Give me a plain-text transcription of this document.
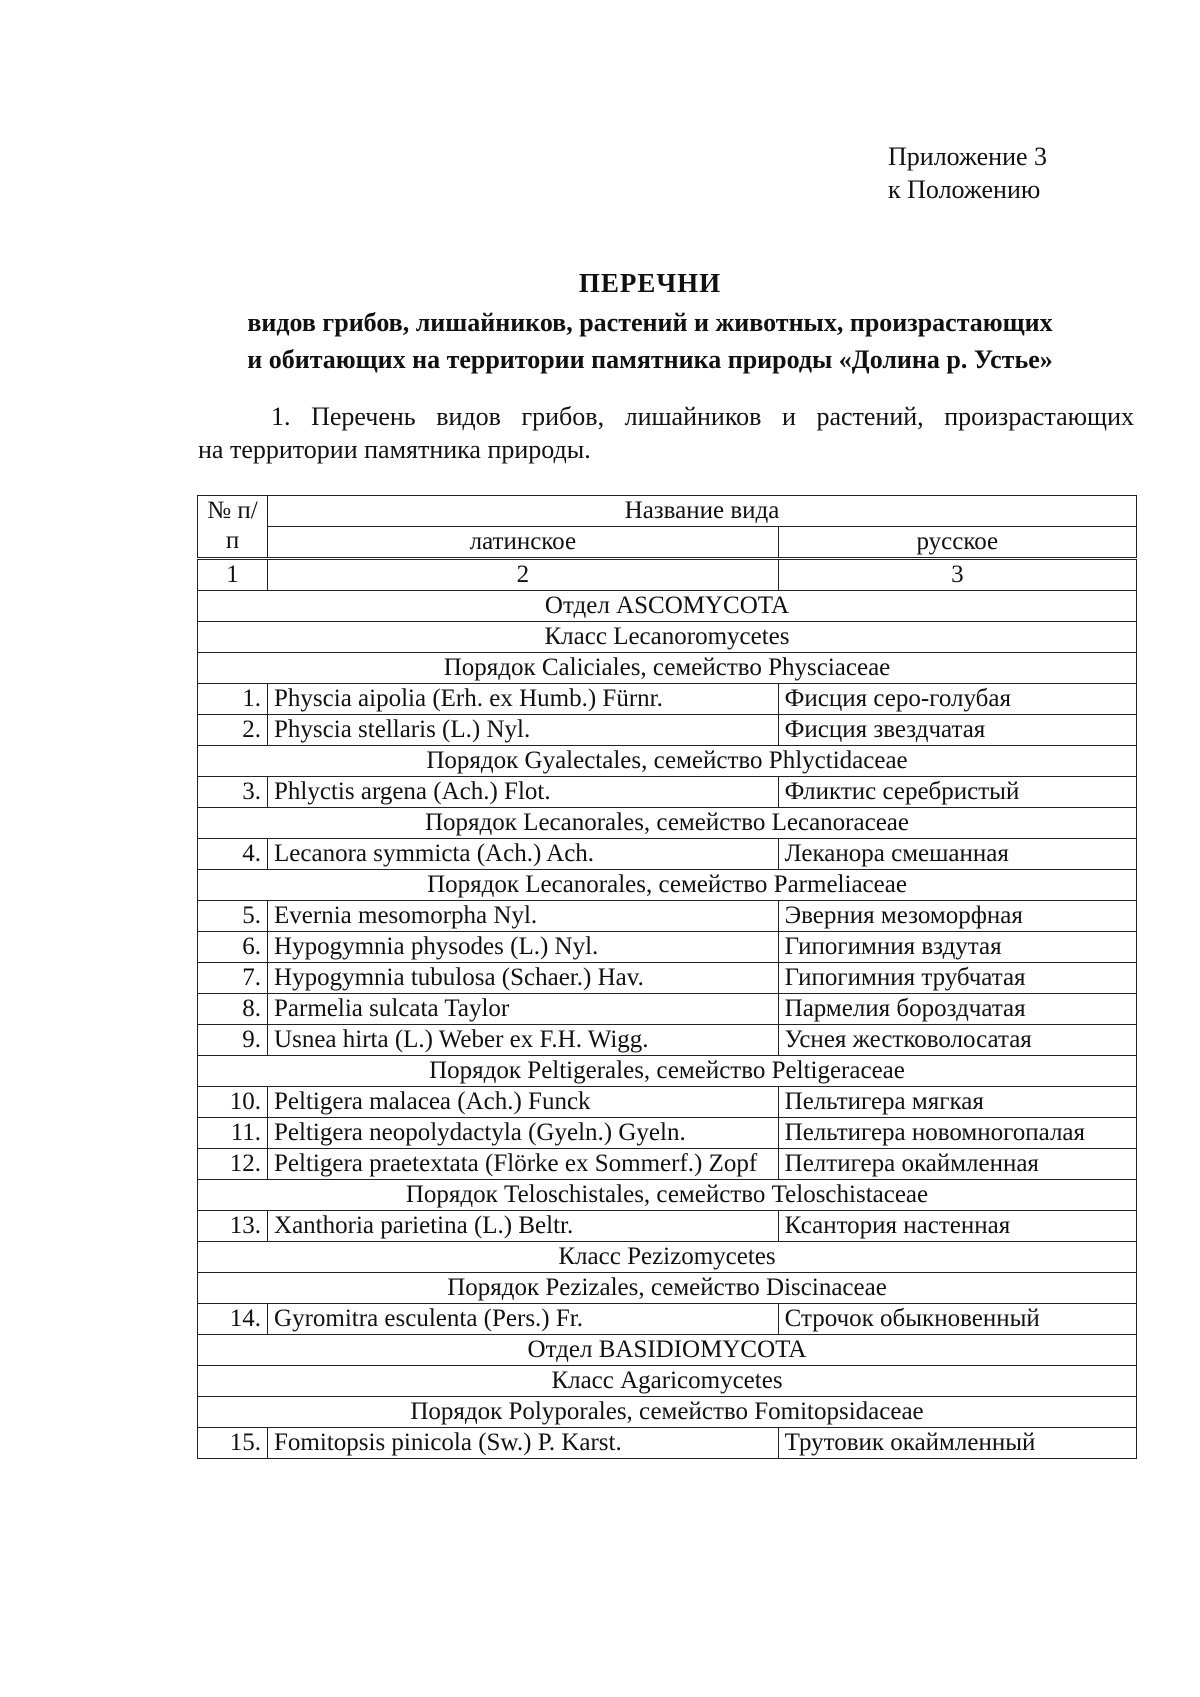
Приложение 3
к Положению
ПЕРЕЧНИ
видов грибов, лишайников, растений и животных, произрастающих
и обитающих на территории памятника природы «Долина р. Устье»
1. Перечень видов грибов, лишайников и растений, произрастающих
на территории памятника природы.
№ п/п	Название вида	
	латинское	русское
1	2	3
Отдел ASCOMYCOTA		
Класс Lecanoromycetes		
Порядок Caliciales, семейство Physciaceae		
1.	Physcia aipolia (Erh. ex Humb.) Fürnr.	Фисция серо-голубая
2.	Physcia stellaris (L.) Nyl.	Фисция звездчатая
Порядок Gyalectales, семейство Phlyctidaceae		
3.	Phlyctis argena (Ach.) Flot.	Фликтис серебристый
Порядок Lecanorales, семейство Lecanoraceae		
4.	Lecanora symmicta (Ach.) Ach.	Леканора смешанная
Порядок Lecanorales, семейство Parmeliaceae		
5.	Evernia mesomorpha Nyl.	Эверния мезоморфная
6.	Hypogymnia physodes (L.) Nyl.	Гипогимния вздутая
7.	Hypogymnia tubulosa (Schaer.) Hav.	Гипогимния трубчатая
8.	Parmelia sulcata Taylor	Пармелия бороздчатая
9.	Usnea hirta (L.) Weber ex F.H. Wigg.	Уснея жестковолосатая
Порядок Peltigerales, семейство Peltigeraceae		
10.	Peltigera malacea (Ach.) Funck	Пельтигера мягкая
11.	Peltigera neopolydactyla (Gyeln.) Gyeln.	Пельтигера новомногопалая
12.	Peltigera praetextata (Flörke ex Sommerf.) Zopf	Пелтигера окаймленная
Порядок Teloschistales, семейство Teloschistaceae		
13.	Xanthoria parietina (L.) Beltr.	Ксантория настенная
Класс Pezizomycetes		
Порядок Pezizales, семейство Discinaceae		
14.	Gyromitra esculenta (Pers.) Fr.	Строчок обыкновенный
Отдел BASIDIOMYCOTA		
Класс Agaricomycetes		
Порядок Polyporales, семейство Fomitopsidaceae		
15.	Fomitopsis pinicola (Sw.) P. Karst.	Трутовик окаймленный
